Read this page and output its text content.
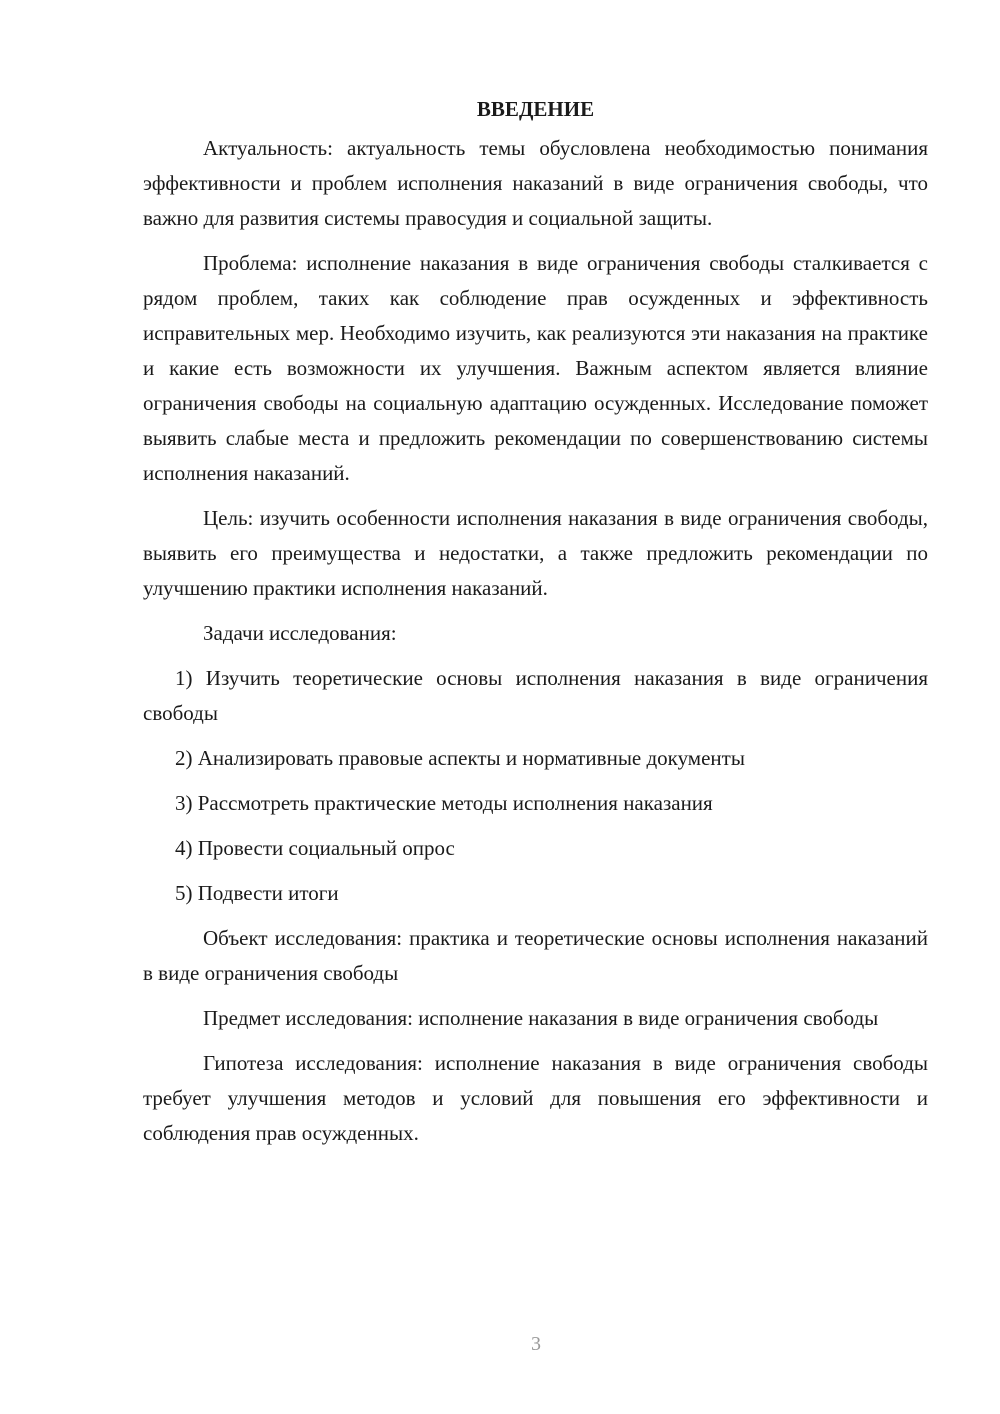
ВВЕДЕНИЕ

Актуальность: актуальность темы обусловлена необходимостью понимания эффективности и проблем исполнения наказаний в виде ограничения свободы, что важно для развития системы правосудия и социальной защиты.

Проблема: исполнение наказания в виде ограничения свободы сталкивается с рядом проблем, таких как соблюдение прав осужденных и эффективность исправительных мер. Необходимо изучить, как реализуются эти наказания на практике и какие есть возможности их улучшения. Важным аспектом является влияние ограничения свободы на социальную адаптацию осужденных. Исследование поможет выявить слабые места и предложить рекомендации по совершенствованию системы исполнения наказаний.

Цель: изучить особенности исполнения наказания в виде ограничения свободы, выявить его преимущества и недостатки, а также предложить рекомендации по улучшению практики исполнения наказаний.

Задачи исследования:

1) Изучить теоретические основы исполнения наказания в виде ограничения свободы

2) Анализировать правовые аспекты и нормативные документы

3) Рассмотреть практические методы исполнения наказания

4) Провести социальный опрос

5) Подвести итоги

Объект исследования: практика и теоретические основы исполнения наказаний в виде ограничения свободы

Предмет исследования: исполнение наказания в виде ограничения свободы

Гипотеза исследования: исполнение наказания в виде ограничения свободы требует улучшения методов и условий для повышения его эффективности и соблюдения прав осужденных.

3
